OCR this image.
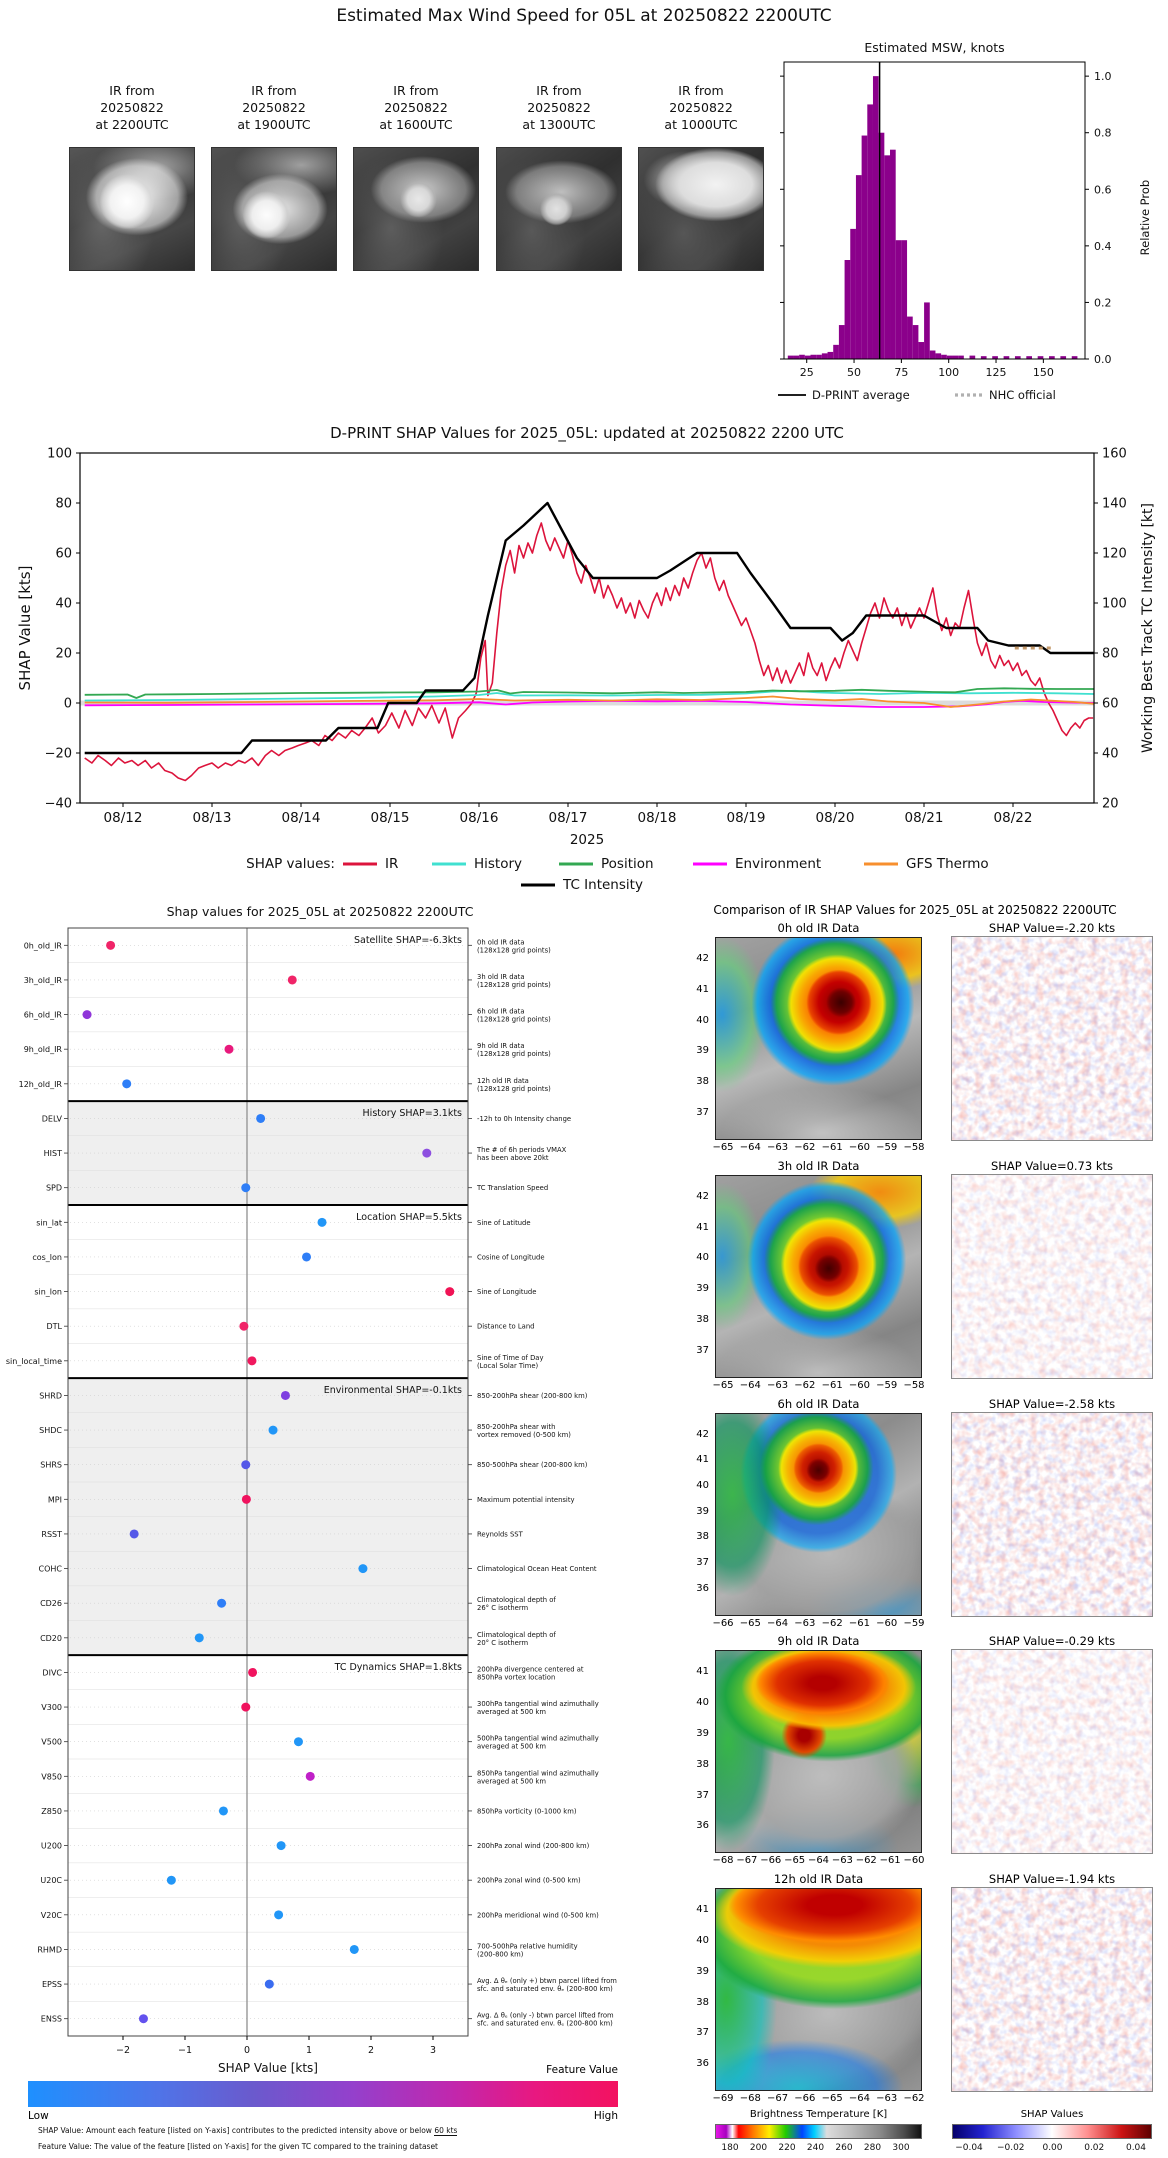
Estimated Max Wind Speed for 05L at 20250822 2200UTC
IR from
20250822
at 2200UTC
IR from
20250822
at 1900UTC
IR from
20250822
at 1600UTC
IR from
20250822
at 1300UTC
IR from
20250822
at 1000UTC
Estimated MSW, knots
25	50	75	100 125 150
0.0
0.2
0.4
0.6
0.8
1.0
Relative Prob
D-PRINT average	NHC official
D-PRINT SHAP Values for 2025_05L: updated at 20250822 2200 UTC
100
80
60
40
20
0
−20
−40
160
140
120
100
80
60
40
20
08/12	08/13	08/14	08/15	08/16	08/17	08/18	08/19	08/20	08/21	08/22
2025
SHAP Value [kts]	Working Best Track TC Intensity [kt]
SHAP values:	IR	History	Position	Environment	GFS Thermo
TC Intensity
Shap values for 2025_05L at 20250822 2200UTC
Satellite SHAP=-6.3kts
0h_old_IR	0h old IR data (128x128 grid points)
3h_old_IR	3h old IR data (128x128 grid points)
6h_old_IR	6h old IR data (128x128 grid points)
9h_old_IR	9h old IR data (128x128 grid points)
12h_old_IR	12h old IR data (128x128 grid points)
History SHAP=3.1kts
DELV	-12h to 0h Intensity change
HIST	The # of 6h periods VMAX has been above 20kt
SPD	TC Translation Speed
Location SHAP=5.5kts
sin_lat	Sine of Latitude
cos_lon	Cosine of Longitude
sin_lon	Sine of Longitude
DTL	Distance to Land
sin_local_time	Sine of Time of Day (Local Solar Time)
Environmental SHAP=-0.1kts
SHRD	850-200hPa shear (200-800 km)
SHDC	850-200hPa shear with vortex removed (0-500 km)
SHRS	850-500hPa shear (200-800 km)
MPI	Maximum potential intensity
RSST	Reynolds SST
COHC	Climatological Ocean Heat Content
CD26	Climatological depth of 26° C isotherm
CD20	Climatological depth of 20° C isotherm
TC Dynamics SHAP=1.8kts
DIVC	200hPa divergence centered at 850hPa vortex location
V300	300hPa tangential wind azimuthally averaged at 500 km
V500	500hPa tangential wind azimuthally averaged at 500 km
V850	850hPa tangential wind azimuthally averaged at 500 km
Z850	850hPa vorticity (0-1000 km)
U200	200hPa zonal wind (200-800 km)
U20C	200hPa zonal wind (0-500 km)
V20C	200hPa meridional wind (0-500 km)
RHMD	700-500hPa relative humidity (200-800 km)
EPSS	Avg. Δ θₑ (only +) btwn parcel lifted from sfc. and saturated env. θₑ (200-800 km)
ENSS	Avg. Δ θₑ (only -) btwn parcel lifted from sfc. and saturated env. θₑ (200-800 km)
−2	−1	0	1	2	3
SHAP Value [kts]	Feature Value
Low	High
SHAP Value: Amount each feature [listed on Y-axis] contributes to the predicted intensity above or below 60 kts
Feature Value: The value of the feature [listed on Y-axis] for the given TC compared to the training dataset
Comparison of IR SHAP Values for 2025_05L at 20250822 2200UTC
0h old IR Data
42
41
40
39
38
37
−65 −64 −63 −62 −61 −60 −59 −58
SHAP Value=-2.20 kts
3h old IR Data
42
41
40
39
38
37
−65 −64 −63 −62 −61 −60 −59 −58
SHAP Value=0.73 kts
6h old IR Data
42
41
40
39
38
37
36
−66 −65 −64 −63 −62 −61 −60 −59
SHAP Value=-2.58 kts
9h old IR Data
41
40
39
38
37
36
−68 −67 −66 −65 −64 −63 −62 −61 −60
SHAP Value=-0.29 kts
12h old IR Data
41
40
39
38
37
36
−69 −68 −67 −66 −65 −64 −63 −62
SHAP Value=-1.94 kts
Brightness Temperature [K]	SHAP Values
180	200	220	240	260	280	300	−0.04 −0.02	0.00	0.02	0.04
